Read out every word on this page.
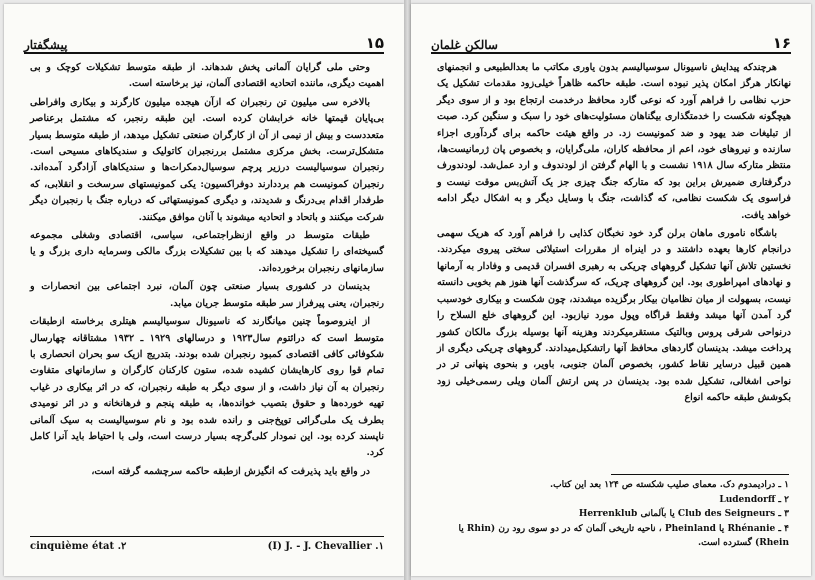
۱۵
پیشگفتار

وحتی ملی گرایان آلمانی پخش شدهاند. از طبقه متوسط تشکیلات کوچک و بی اهمیت دیگری، ماننده اتحادیه اقتصادی آلمان، نیز برخاسته است.

بالاخره سی میلیون تن رنجبران که ازآن هیجده میلیون کارگرند و بیکاری وافراطی بی‌پایان قیمتها خانه خرابشان کرده است. این طبقه رنجبر، که مشتمل برعناصر متعددست و بیش از نیمی از آن از کارگران صنعتی تشکیل میدهد، از طبقه متوسط بسیار متشکل‌ترست. بخش مرکزی مشتمل بررنجبران کاتولیک و سندیکاهای مسیحی است. رنجبران سوسیالیست درزیر پرچم سوسیال‌دمکرات‌ها و سندیکاهای آزادگرد آمده‌اند. رنجبران کمونیست هم برددارند دوفراکسیون: یکی کمونیستهای سرسخت و انقلابی، که طرفدار اقدام بی‌درنگ و شدیدند، و دیگری کمونیستهائی که درباره جنگ با رنجبران دیگر شرکت میکنند و باتحاد و اتحادیه میشوند با آنان موافق میکنند.

طبقات متوسط در واقع ازنظراجتماعی، سیاسی، اقتصادی وشغلی مجموعه گسیخته‌ای را تشکیل میدهند که با بین تشکیلات بزرگ مالکی وسرمایه داری بزرگ و یا سازمانهای رنجبران برخورده‌اند.

بدینسان در کشوری بسیار صنعتی چون آلمان، نبرد اجتماعی بین انحصارات و رنجبران، یعنی پیرفراز سر طبقه متوسط جریان میابد.

از اینروصوماً چنین میانگارند که ناسیونال سوسیالیسم هیتلری برخاسته ازطبقات متوسط است که درائتوم سال۱۹۲۳ و درسالهای ۱۹۲۹ ـ ۱۹۳۲ مشتاقانه چهارسال شکوفائی کافی اقتصادی کمبود رنجبران شده بودند. بتدریج ازیک سو بحران انحصاری با تمام قوا روی کارهایشان کشیده شده، ستون کارکنان کارگران و سازمانهای متفاوت رنجبران به آن نیاز داشت، و از سوی دیگر به طبقه رنجبران، که در اثر بیکاری در غیاب تهیه خورده‌ها و حقوق بتصیب خوانده‌ها، به طبقه پنجم و فرهانخانه و در اثر نومیدی بطرف یک ملی‌گرائی توپخ‌جنی و رانده شده بود و نام سوسیالیست به سیک آلمانی ناپسند کرده بود. این نمودار کلی‌گرچه بسیار درست است، ولی با احتیاط باید آنرا کامل کرد.

در واقع باید پذیرفت که انگیزش ازطبقه حاکمه سرچشمه گرفته است،

cinquième état .۲	(I) J. - J. Chevallier .۱
۱۶
سالکن غلمان

هرچندکه پیدایش ناسیونال سوسیالیسم بدون یاوری مکاتب ما بعدالطبیعی و انجمنهای نهانکار هرگز امکان پذیر نبوده است. طبقه حاکمه ظاهراً خیلی‌زود مقدمات تشکیل یک حزب نظامی را فراهم آورد که نوعی گارد محافظ درخدمت ارتجاع بود و از سوی دیگر هیچگونه شکست را خدمتگذاری بیگناهان مسئولیت‌های خود را سبک و سنگین کرد. صبت از تبلیغات ضد یهود و ضد کمونیست زد. در واقع هیئت حاکمه برای گردآوری اجزاء سازنده و نیروهای خود، اعم از محافظه کاران، ملی‌گرایان، و بخصوص پان ژرمانیست‌ها، منتظر متارکه سال ۱۹۱۸ نشست و با الهام گرفتن از لودندوف و ارد عمل‌شد. لودندورف درگرفتاری ضمیرش براین بود که متارکه جنگ چیزی جز یک آتش‌بس موقت نیست و فراسوی یک شکست نظامی، که گذاشت، جنگ با وسایل دیگر و به اشکال دیگر ادامه خواهد یافت.

باشگاه ناموری ماهان برلن گرد خود نخبگان کذایی را فراهم آورد که هریک سهمی درانجام کارها بعهده داشتند و در اینراه از مقررات استیلائی سختی پیروی میکردند. نخستین تلاش آنها تشکیل گروههای چریکی به رهبری افسران قدیمی و وفادار به آرمانها و نهادهای امپراطوری بود. این گروههای چریک، که سرگذشت آنها هنوز هم بخوبی دانسته نیست، بسهولت از میان نظامیان بیکار برگزیده میشدند، چون شکست و بیکاری خودسبب گرد آمدن آنها میشد وفقط قراگاه وپول مورد نیازبود. این گروههای خلع السلاح را درنواحی شرقی پروس وبالتیک مستقرمیکردند وهزینه آنها بوسیله بزرگ مالکان کشور پرداخت میشد. بدینسان گاردهای محافظ آنها راتشکیل‌میدادند. گروههای چریکی دیگری از همین قبیل درسایر نقاط کشور، بخصوص آلمان جنوبی، باویر، و بنحوی پنهانی تر در نواحی اشغالی، تشکیل شده بود. بدینسان در پس ارتش آلمان ویلی رسمی‌خیلی زود بکوشش طبقه حاکمه انواع

۱ ـ درادیمدوم دک. معمای صلیب شکسته ص ۱۲۴ بعد این کتاب.
۲ ـ Ludendorff
۳ ـ Club des Seigneurs یا بآلمانی Herrenklub
۴ ـ Rhénanie یا Pheinland ، ناحیه تاریخی آلمان که در دو سوی رود رن (Rhin یا Rhein) گسترده است.
